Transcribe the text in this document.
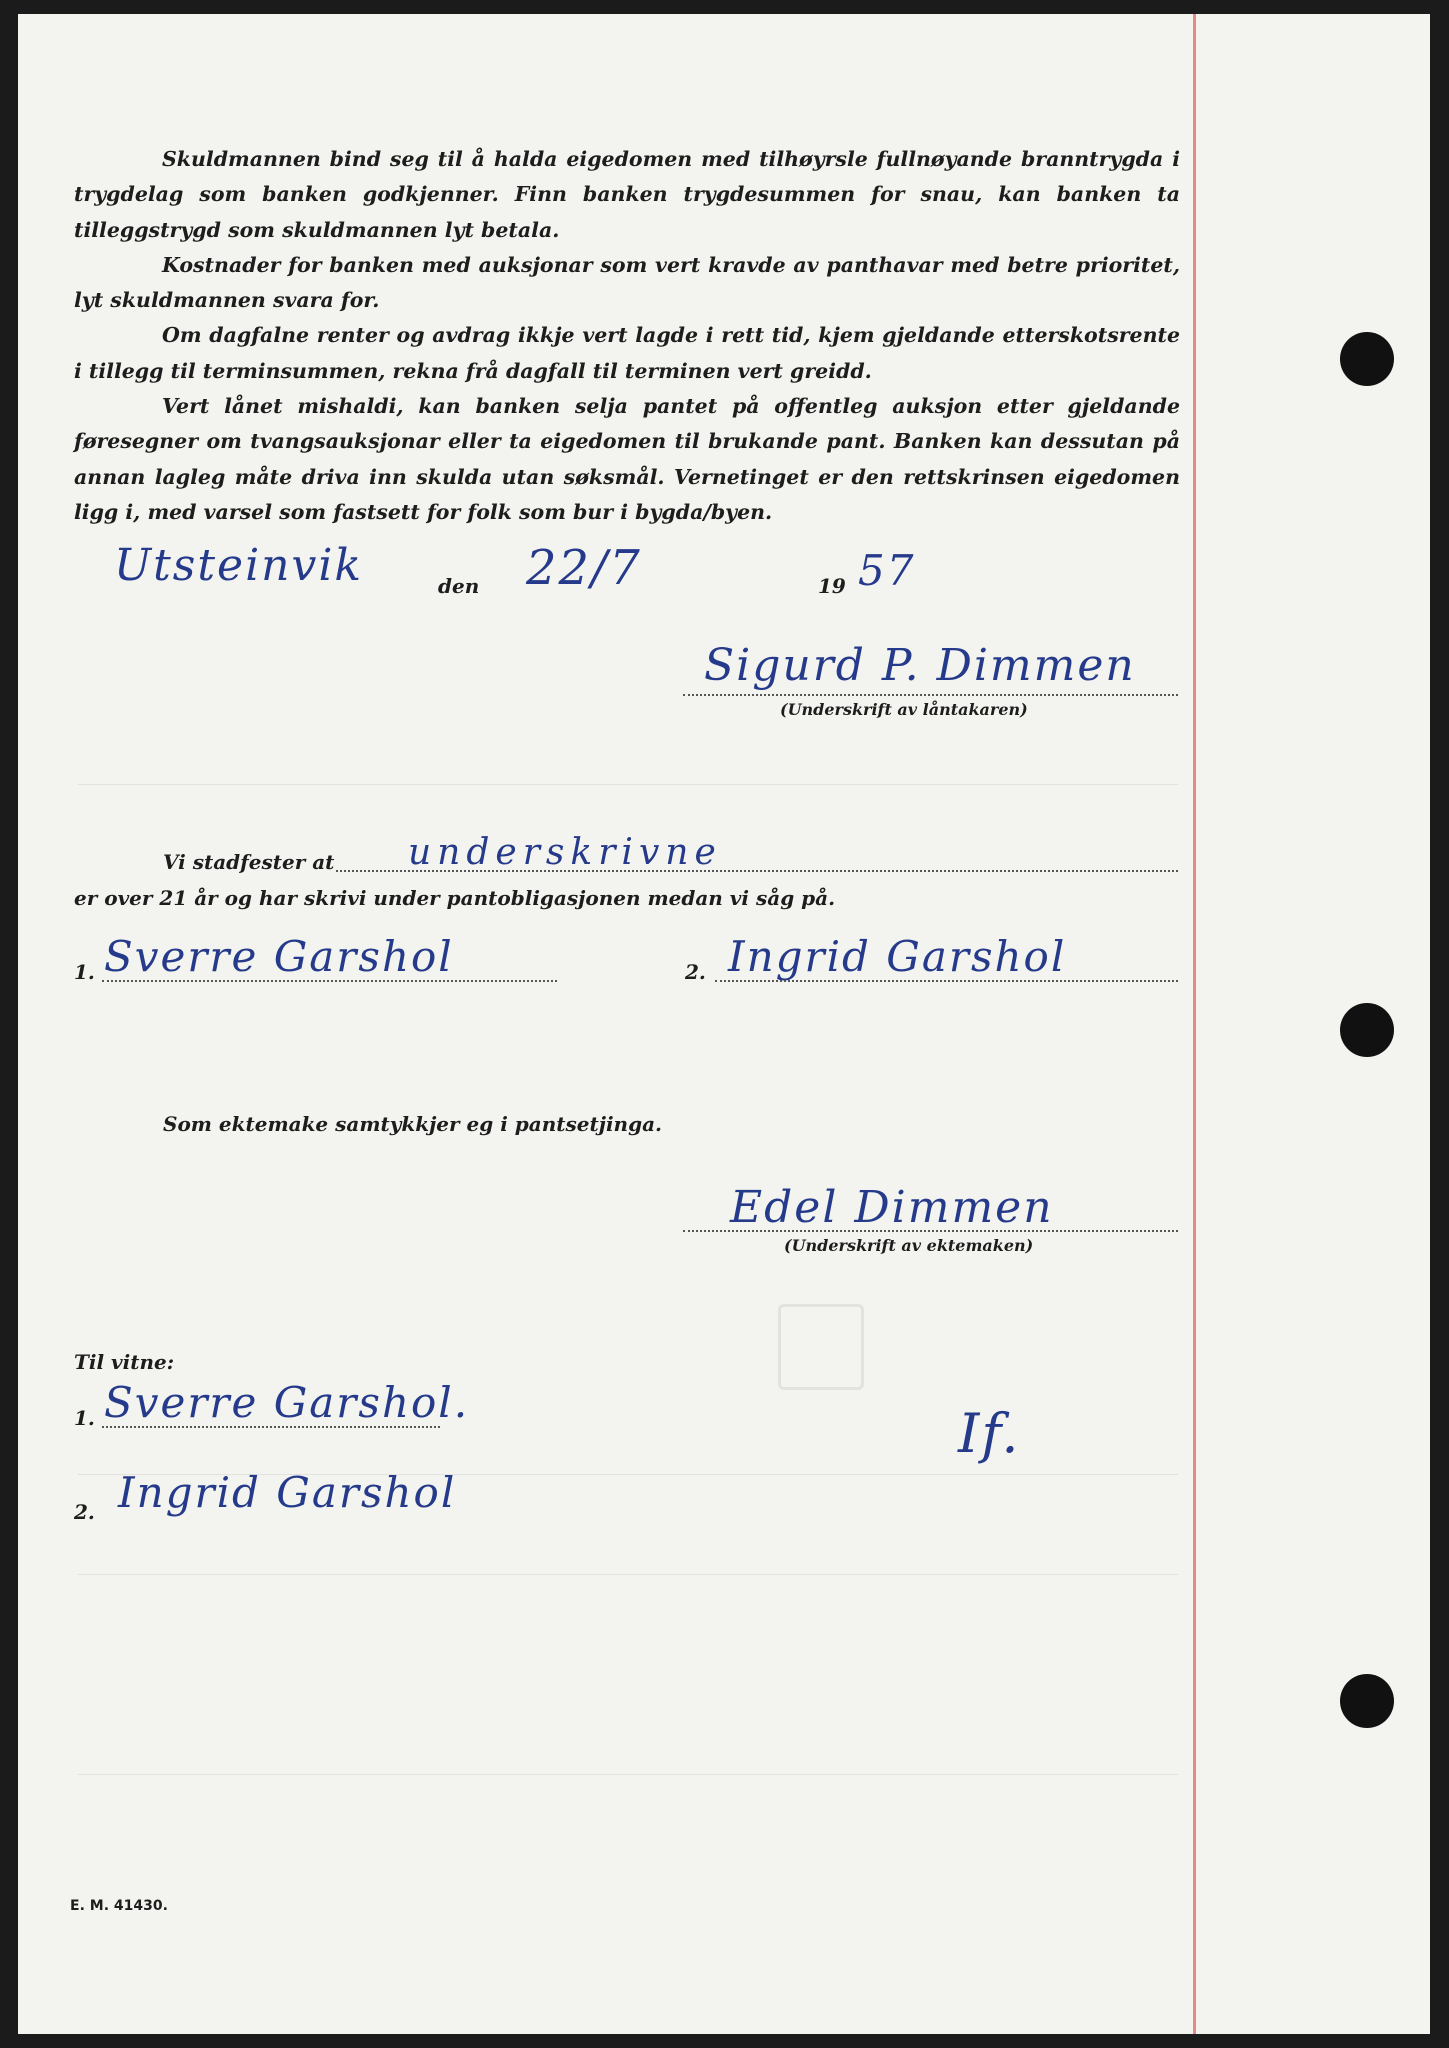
Skuldmannen bind seg til å halda eigedomen med tilhøyrsle fullnøyande branntrygda i trygdelag som banken godkjenner. Finn banken trygdesummen for snau, kan banken ta tilleggstrygd som skuldmannen lyt betala.

Kostnader for banken med auksjonar som vert kravde av panthavar med betre prioritet, lyt skuldmannen svara for.

Om dagfalne renter og avdrag ikkje vert lagde i rett tid, kjem gjeldande etterskotsrente i tillegg til terminsummen, rekna frå dagfall til terminen vert greidd.

Vert lånet mishaldi, kan banken selja pantet på offentleg auksjon etter gjeldande føresegner om tvangsauksjonar eller ta eigedomen til brukande pant. Banken kan dessutan på annan lagleg måte driva inn skulda utan søksmål. Vernetinget er den rettskrinsen eigedomen ligg i, med varsel som fastsett for folk som bur i bygda/byen.

Utsteinvik	den 22/7	19 57
Sigurd P. Dimmen
(Underskrift av låntakaren)
Vi stadfester at underskrivne
er over 21 år og har skrivi under pantobligasjonen medan vi såg på.
1. Sverre Garshol	2. Ingrid Garshol
Som ektemake samtykkjer eg i pantsetjinga.
Edel Dimmen
(Underskrift av ektemaken)
Til vitne:
1. Sverre Garshol.
2. Ingrid Garshol
If.
E. M. 41430.
